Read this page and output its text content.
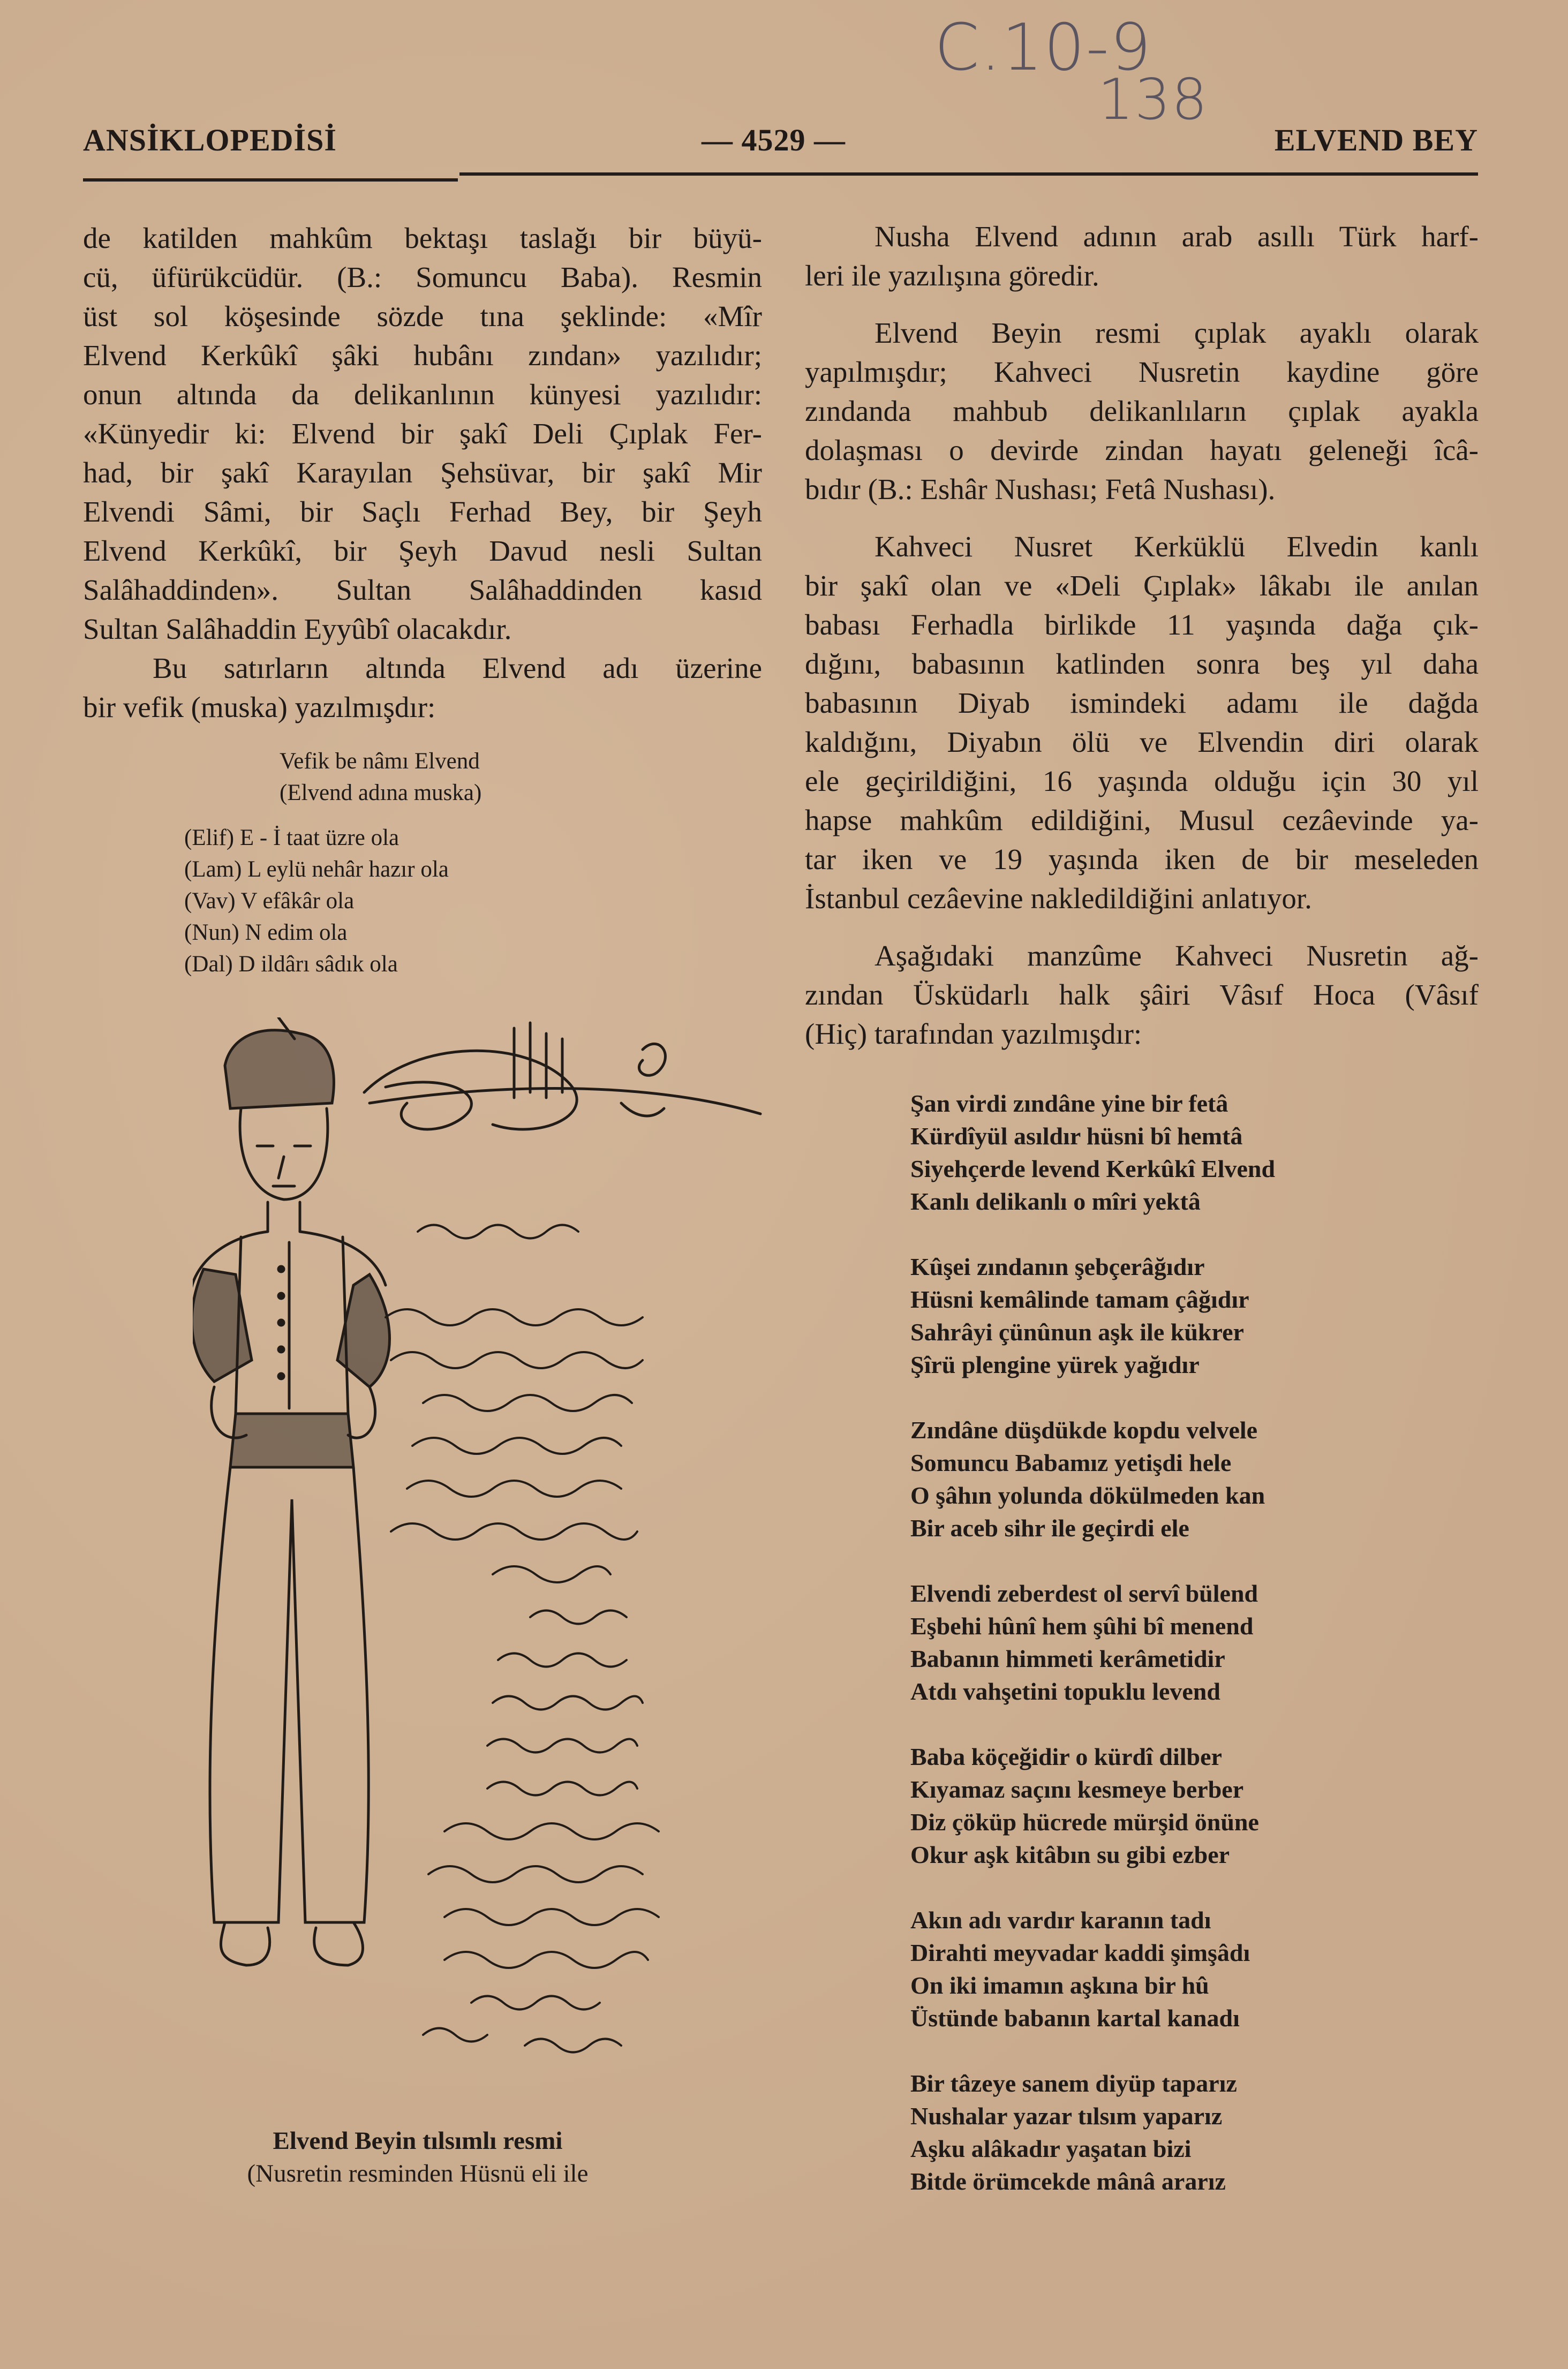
C.10-9
138
ANSİKLOPEDİSİ	— 4529 —	ELVEND BEY
de katilden mahkûm bektaşı taslağı bir büyü-
cü, üfürükcüdür. (B.: Somuncu Baba). Resmin
üst sol köşesinde sözde tına şeklinde: «Mîr
Elvend Kerkûkî şâki hubânı zından» yazılıdır;
onun altında da delikanlının künyesi yazılıdır:
«Künyedir ki: Elvend bir şakî Deli Çıplak Fer-
had, bir şakî Karayılan Şehsüvar, bir şakî Mir
Elvendi Sâmi, bir Saçlı Ferhad Bey, bir Şeyh
Elvend Kerkûkî, bir Şeyh Davud nesli Sultan
Salâhaddinden». Sultan Salâhaddinden kasıd
Sultan Salâhaddin Eyyûbî olacakdır.
Bu satırların altında Elvend adı üzerine
bir vefik (muska) yazılmışdır:
Vefik be nâmı Elvend
(Elvend adına muska)
(Elif) E - İ taat üzre ola
(Lam) L eylü nehâr hazır ola
(Vav) V efâkâr ola
(Nun) N edim ola
(Dal) D ildârı sâdık ola
Elvend Beyin tılsımlı resmi
(Nusretin resminden Hüsnü eli ile
Nusha Elvend adının arab asıllı Türk harf-
leri ile yazılışına göredir.
Elvend Beyin resmi çıplak ayaklı olarak
yapılmışdır; Kahveci Nusretin kaydine göre
zındanda mahbub delikanlıların çıplak ayakla
dolaşması o devirde zindan hayatı geleneği îcâ-
bıdır (B.: Eshâr Nushası; Fetâ Nushası).
Kahveci Nusret Kerküklü Elvedin kanlı
bir şakî olan ve «Deli Çıplak» lâkabı ile anılan
babası Ferhadla birlikde 11 yaşında dağa çık-
dığını, babasının katlinden sonra beş yıl daha
babasının Diyab ismindeki adamı ile dağda
kaldığını, Diyabın ölü ve Elvendin diri olarak
ele geçirildiğini, 16 yaşında olduğu için 30 yıl
hapse mahkûm edildiğini, Musul cezâevinde ya-
tar iken ve 19 yaşında iken de bir meseleden
İstanbul cezâevine nakledildiğini anlatıyor.
Aşağıdaki manzûme Kahveci Nusretin ağ-
zından Üsküdarlı halk şâiri Vâsıf Hoca (Vâsıf
(Hiç) tarafından yazılmışdır:
Şan virdi zındâne yine bir fetâ
Kürdîyül asıldır hüsni bî hemtâ
Siyehçerde levend Kerkûkî Elvend
Kanlı delikanlı o mîri yektâ
Kûşei zındanın şebçerâğıdır
Hüsni kemâlinde tamam çâğıdır
Sahrâyi çünûnun aşk ile kükrer
Şîrü plengine yürek yağıdır
Zındâne düşdükde kopdu velvele
Somuncu Babamız yetişdi hele
O şâhın yolunda dökülmeden kan
Bir aceb sihr ile geçirdi ele
Elvendi zeberdest ol servî bülend
Eşbehi hûnî hem şûhi bî menend
Babanın himmeti kerâmetidir
Atdı vahşetini topuklu levend
Baba köçeğidir o kürdî dilber
Kıyamaz saçını kesmeye berber
Diz çöküp hücrede mürşid önüne
Okur aşk kitâbın su gibi ezber
Akın adı vardır karanın tadı
Dirahti meyvadar kaddi şimşâdı
On iki imamın aşkına bir hû
Üstünde babanın kartal kanadı
Bir tâzeye sanem diyüp taparız
Nushalar yazar tılsım yaparız
Aşku alâkadır yaşatan bizi
Bitde örümcekde mânâ ararız
